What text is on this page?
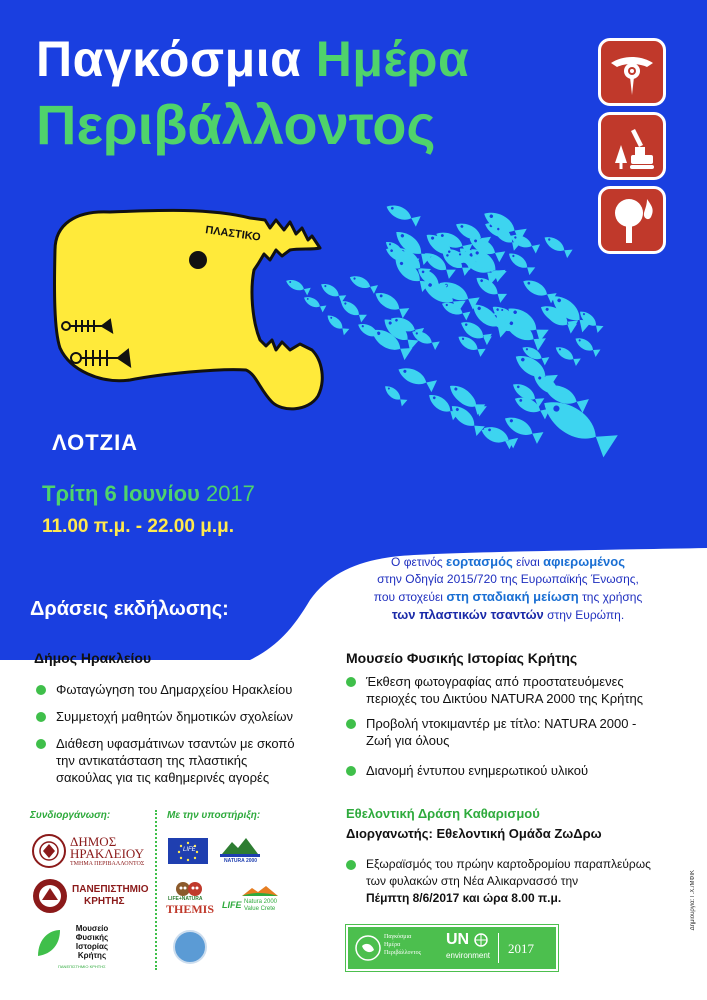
Παγκόσμια Ημέρα
Περιβάλλοντος
ΠΛΑΣΤΙΚΟ
ΛΟΤΖΙΑ
Τρίτη 6 Ιουνίου 2017
11.00 π.μ. - 22.00 μ.μ.
Ο φετινός εορτασμός είναι αφιερωμένος
στην Οδηγία 2015/720 της Ευρωπαϊκής Ένωσης,
που στοχεύει στη σταδιακή μείωση της χρήσης
των πλαστικών τσαντών στην Ευρώπη.
Δράσεις εκδήλωσης:
Δήμος Ηρακλείου
Φωταγώγηση του Δημαρχείου Ηρακλείου
Συμμετοχή μαθητών δημοτικών σχολείων
Διάθεση υφασμάτινων τσαντών με σκοπό
την αντικατάσταση της πλαστικής
σακούλας για τις καθημερινές αγορές
Μουσείο Φυσικής Ιστορίας Κρήτης
Έκθεση φωτογραφίας από προστατευόμενες
περιοχές του Δικτύου NATURA 2000 της Κρήτης
Προβολή ντοκιμαντέρ με τίτλο: NATURA 2000 -
Ζωή για όλους
Διανομή έντυπου ενημερωτικού υλικού
Εθελοντική Δράση Καθαρισμού
Διοργανωτής: Εθελοντική Ομάδα ΖωΔρω
Εξωραϊσμός του πρώην καρτοδρομίου παραπλεύρως
των φυλακών στη Νέα Αλικαρνασσό την
Πέμπτη 8/6/2017 και ώρα 8.00 π.μ.
Συνδιοργάνωση:	Με την υποστήριξη:
ΔΗΜΟΣ
ΗΡΑΚΛΕΙΟΥ
ΤΜΗΜΑ ΠΕΡΙΒΑΛΛΟΝΤΟΣ
ΠΑΝΕΠΙΣΤΗΜΙΟ
ΚΡΗΤΗΣ
Μουσείο
Φυσικής
Ιστορίας
Κρήτης
ΠΑΝΕΠΙΣΤΗΜΙΟ ΚΡΗΤΗΣ
LIFE
NATURA 2000
LIFE+NATURA
THEMIS LIFE Natura 2000
Value Crete
Παγκόσμια
Ημέρα
Περιβάλλοντος
UN
environment 2017
Δημιουργία: Γ.Χ./ΜΦΙΚ
